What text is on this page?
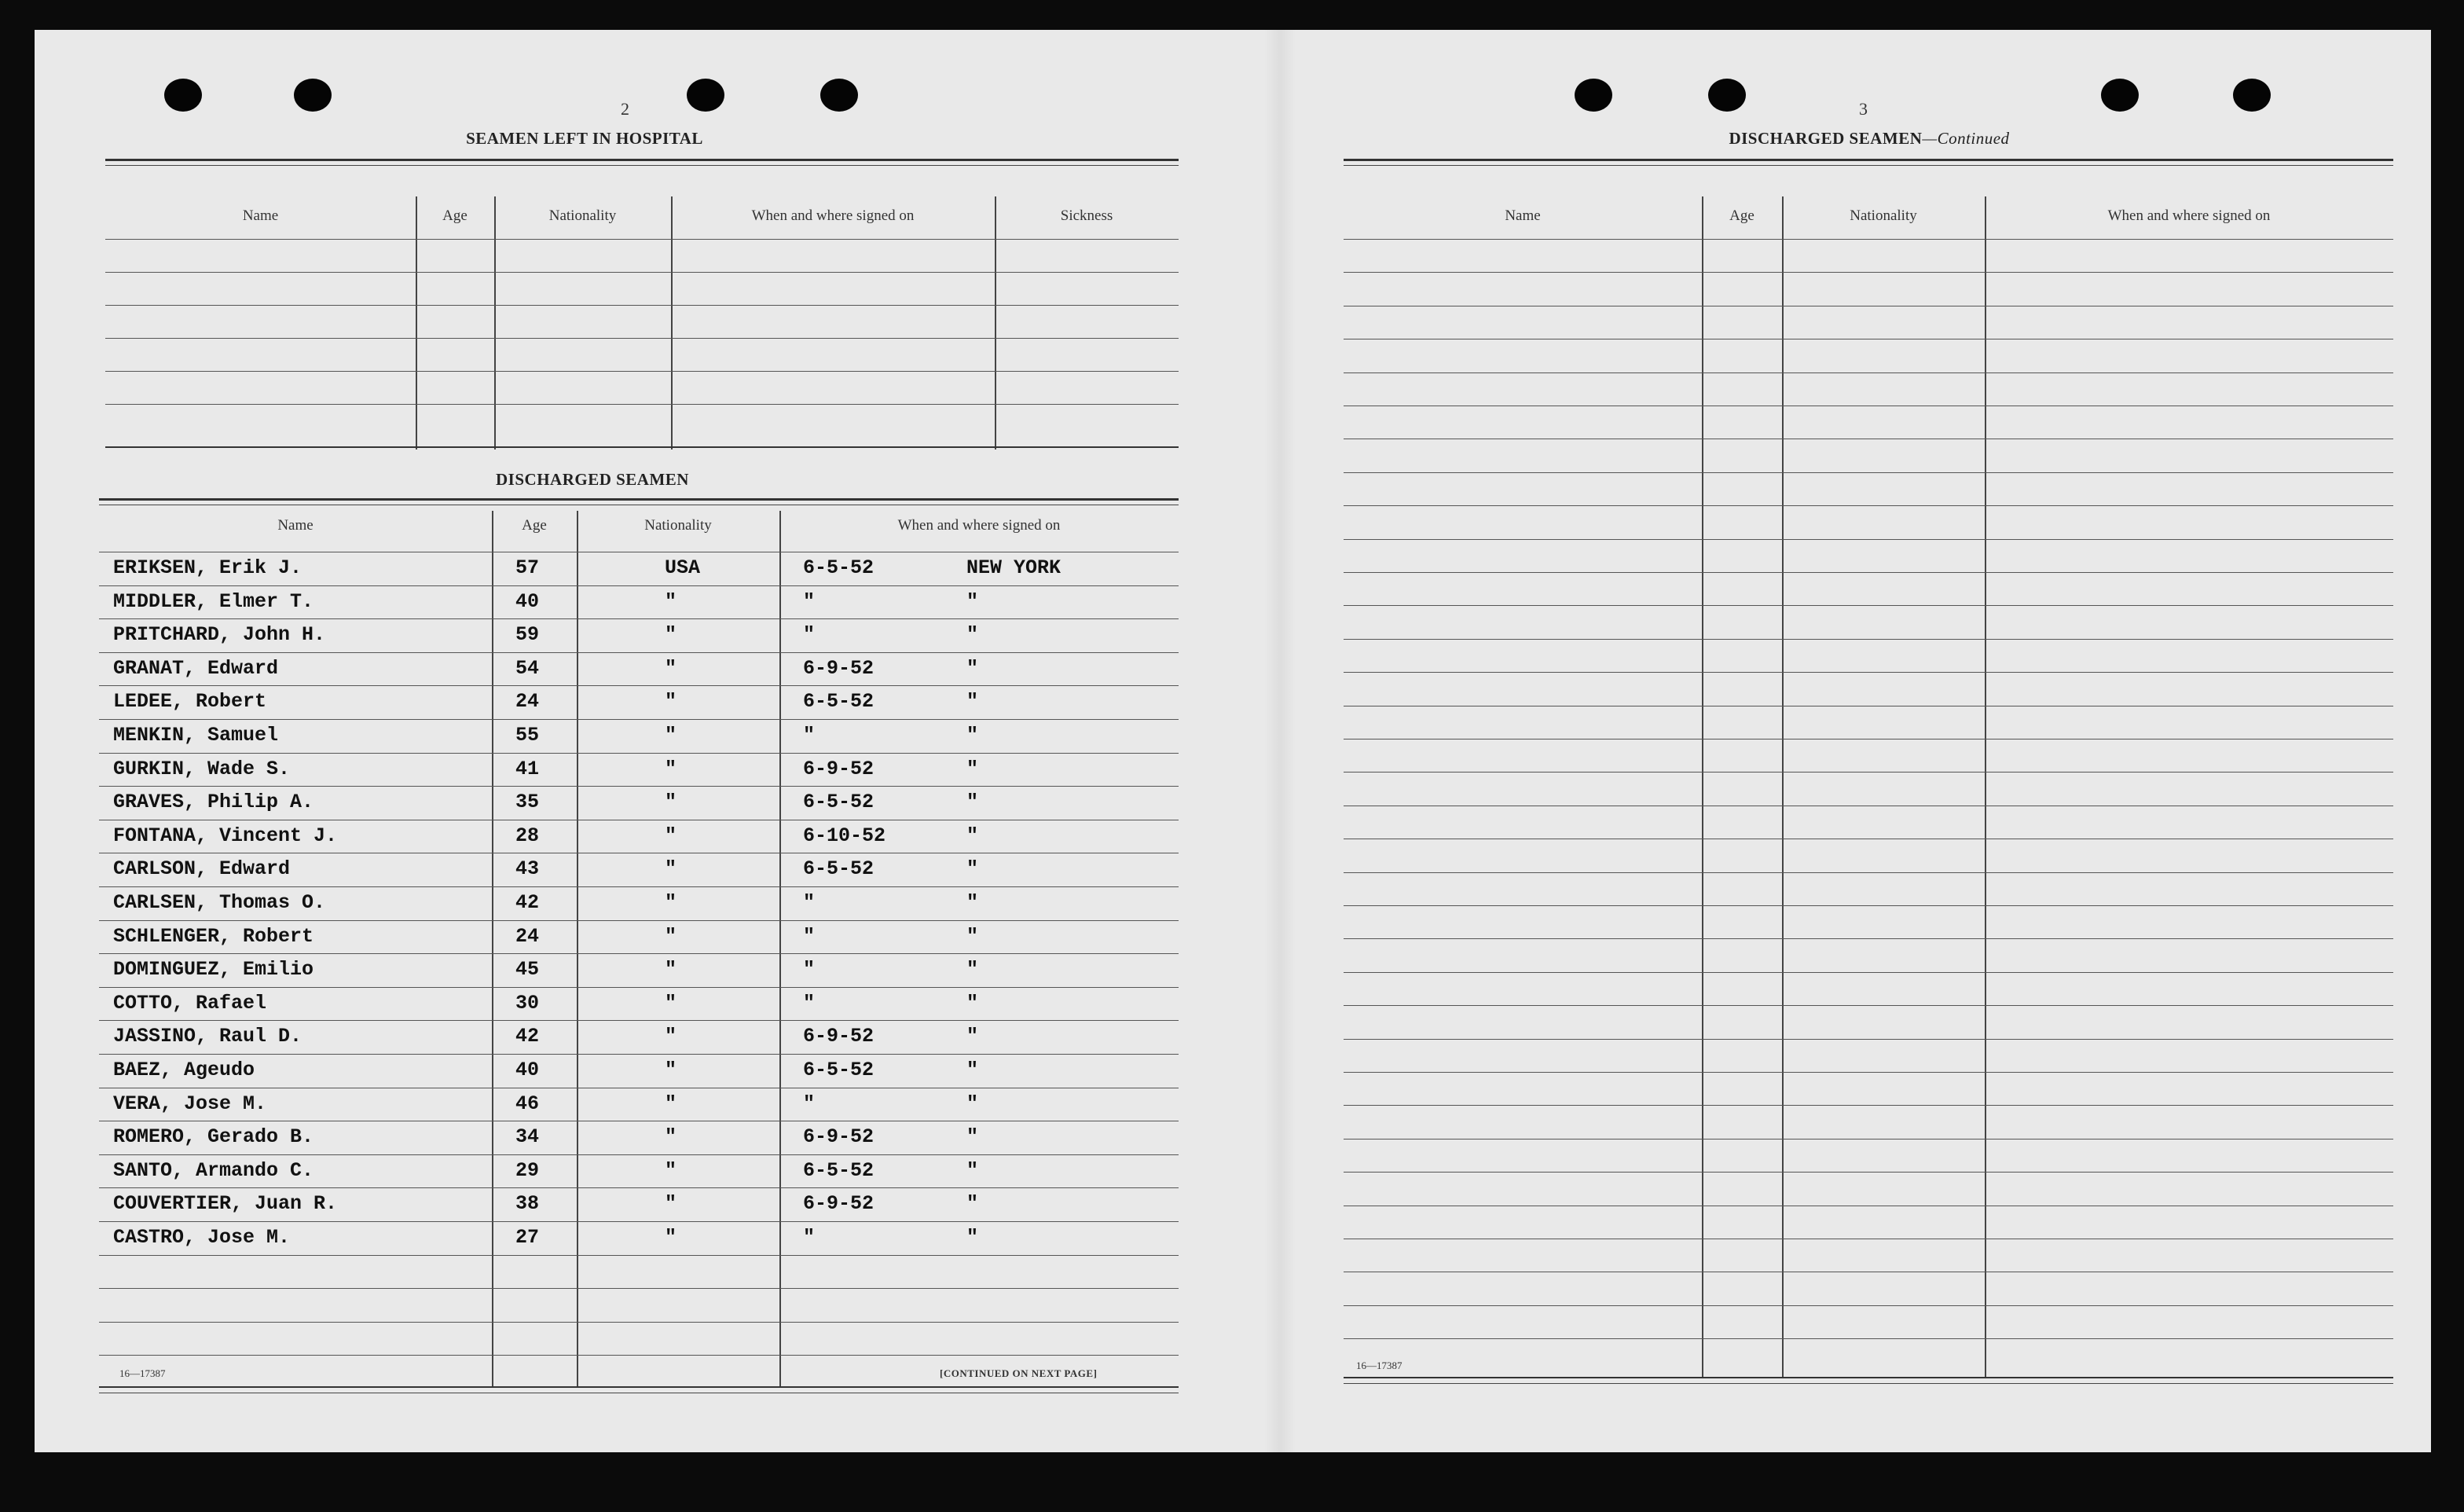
2
SEAMEN LEFT IN HOSPITAL
Name	Age	Nationality	When and where signed on	Sickness
DISCHARGED SEAMEN
Name	Age	Nationality	When and where signed on
ERIKSEN, Erik J.	57	USA	6-5-52	NEW YORK
MIDDLER, Elmer T.	40	"	"	"
PRITCHARD, John H.	59	"	"	"
GRANAT, Edward	54	"	6-9-52	"
LEDEE, Robert	24	"	6-5-52	"
MENKIN, Samuel	55	"	"	"
GURKIN, Wade S.	41	"	6-9-52	"
GRAVES, Philip A.	35	"	6-5-52	"
FONTANA, Vincent J.	28	"	6-10-52	"
CARLSON, Edward	43	"	6-5-52	"
CARLSEN, Thomas O.	42	"	"	"
SCHLENGER, Robert	24	"	"	"
DOMINGUEZ, Emilio	45	"	"	"
COTTO, Rafael	30	"	"	"
JASSINO, Raul D.	42	"	6-9-52	"
BAEZ, Ageudo	40	"	6-5-52	"
VERA, Jose M.	46	"	"	"
ROMERO, Gerado B.	34	"	6-9-52	"
SANTO, Armando C.	29	"	6-5-52	"
COUVERTIER, Juan R.	38	"	6-9-52	"
CASTRO, Jose M.	27	"	"	"
16—17387	[CONTINUED ON NEXT PAGE]
3
DISCHARGED SEAMEN—Continued
Name	Age	Nationality	When and where signed on
16—17387
